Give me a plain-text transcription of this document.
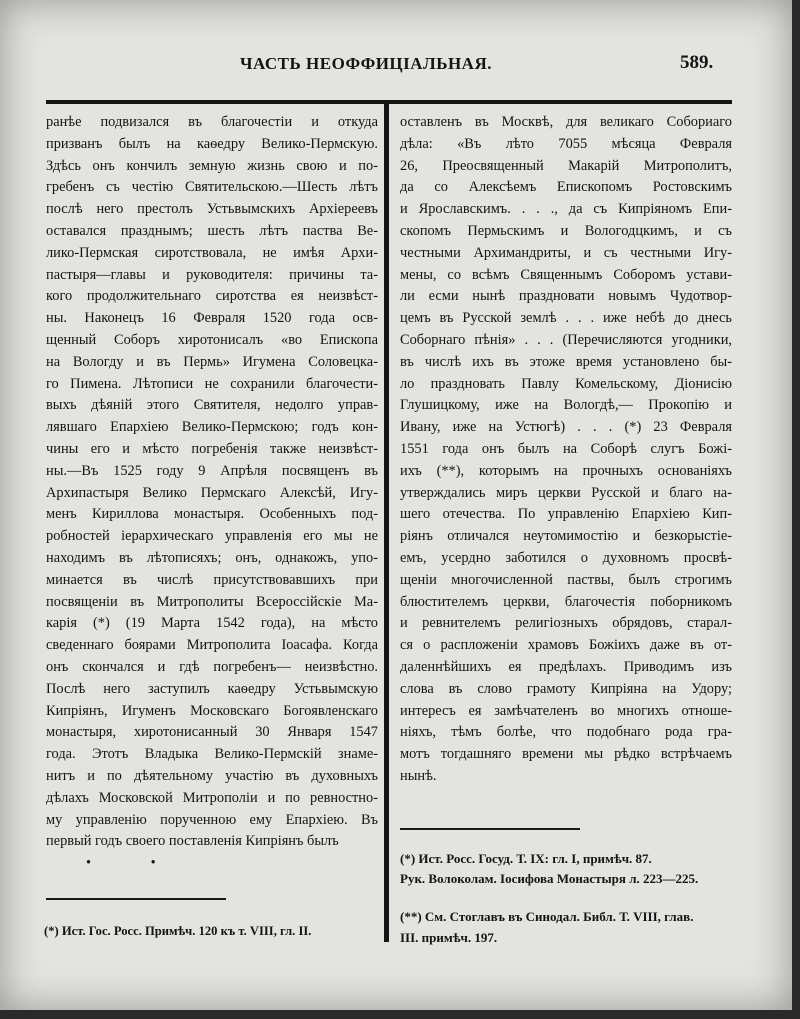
ЧАСТЬ НЕОФФИЦІАЛЬНАЯ.	589.
ранѣе подвизался въ благочестіи и откуда
призванъ былъ на каѳедру Велико-Пермскую.
Здѣсь онъ кончилъ земную жизнь свою и по-
гребенъ съ честію Святительскою.—Шесть лѣтъ
послѣ него престолъ Устьвымскихъ Архіереевъ
оставался празднымъ; шесть лѣтъ паства Ве-
лико-Пермская сиротствовала, не имѣя Архи-
пастыря—главы и руководителя: причины та-
кого продолжительнаго сиротства ея неизвѣст-
ны. Наконецъ 16 Февраля 1520 года осв-
щенный Соборъ хиротонисалъ «во Епископа
на Вологду и въ Пермь» Игумена Соловецка-
го Пимена. Лѣтописи не сохранили благочести-
выхъ дѣяній этого Святителя, недолго управ-
лявшаго Епархіею Велико-Пермскою; годъ кон-
чины его и мѣсто погребенія также неизвѣст-
ны.—Въ 1525 году 9 Апрѣля посвященъ въ
Архипастыря Велико Пермскаго Алексѣй, Игу-
менъ Кириллова монастыря. Особенныхъ под-
робностей іерархическаго управленія его мы не
находимъ въ лѣтописяхъ; онъ, однакожъ, упо-
минается въ числѣ присутствовавшихъ при
посвященіи въ Митрополиты Всероссійскіе Ма-
карія (*) (19 Марта 1542 года), на мѣсто
сведеннаго боярами Митрополита Іоасафа. Когда
онъ скончался и гдѣ погребенъ— неизвѣстно.
Послѣ него заступилъ каѳедру Устьвымскую
Кипріянъ, Игуменъ Московскаго Богоявленскаго
монастыря, хиротонисанный 30 Января 1547
года. Этотъ Владыка Велико-Пермскій знаме-
нитъ и по дѣятельному участію въ духовныхъ
дѣлахъ Московской Митрополіи и по ревностно-
му управленію порученною ему Епархіею. Въ
первый годъ своего поставленія Кипріянъ былъ
• •
оставленъ въ Москвѣ, для великаго Собориаго
дѣла: «Въ лѣто 7055 мѣсяца Февраля
26, Преосвященный Макарій Митрополитъ,
да со Алексѣемъ Епископомъ Ростовскимъ
и Ярославскимъ. . . ., да съ Кипріяномъ Епи-
скопомъ Пермьскимъ и Вологодцкимъ, и съ
честными Архимандриты, и съ честными Игу-
мены, со всѣмъ Священнымъ Соборомъ устави-
ли есми нынѣ праздновати новымъ Чудотвор-
цемъ въ Русской землѣ . . . иже небѣ до днесь
Соборнаго пѣнія» . . . (Перечисляются угодники,
въ числѣ ихъ въ этоже время установлено бы-
ло праздновать Павлу Комельскому, Діонисію
Глушицкому, иже на Вологдѣ,— Прокопію и
Ивану, иже на Устюгѣ) . . . (*) 23 Февраля
1551 года онъ былъ на Соборѣ слугъ Божі-
ихъ (**), которымъ на прочныхъ основаніяхъ
утверждались миръ церкви Русской и благо на-
шего отечества. По управленію Епархіею Кип-
ріянъ отличался неутомимостію и безкорыстіе-
емъ, усердно заботился о духовномъ просвѣ-
щеніи многочисленной паствы, былъ строгимъ
блюстителемъ церкви, благочестія поборникомъ
и ревнителемъ религіозныхъ обрядовъ, старал-
ся о распложеніи храмовъ Божіихъ даже въ от-
даленнѣйшихъ ея предѣлахъ. Приводимъ изъ
слова въ слово грамоту Кипріяна на Удору;
интересъ ея замѣчателенъ во многихъ отноше-
ніяхъ, тѣмъ болѣе, что подобнаго рода гра-
мотъ тогдашняго времени мы рѣдко встрѣчаемъ
нынѣ.
(*) Ист. Гос. Росс. Примѣч. 120 къ т. VIII, гл. II.
(*) Ист. Росс. Госуд. Т. IX: гл. I, примѣч. 87.
Рук. Волоколам. Іосифова Монастыря л. 223—225.
(**) См. Стоглавъ въ Синодал. Библ. Т. VIII, глав.
III. примѣч. 197.
